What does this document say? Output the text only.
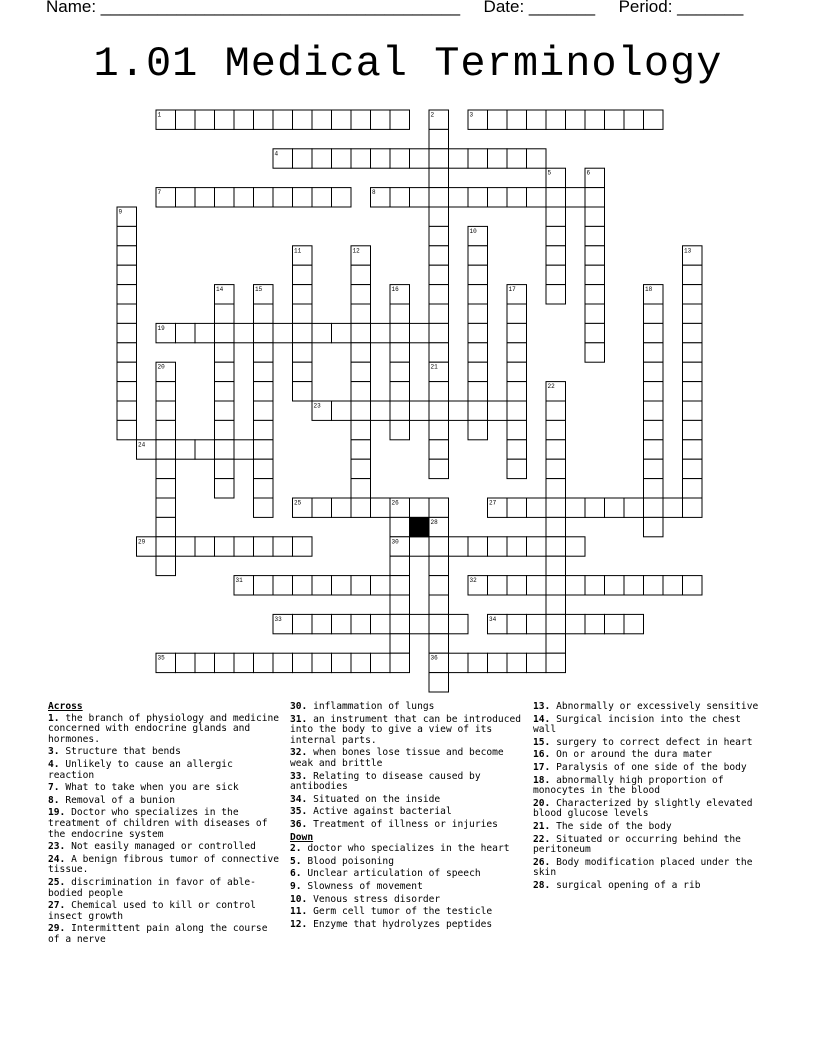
Name: ______________________________________ Date: _______ Period: _______
1.01 Medical Terminology
1	2	3
4
5	6
7	8
9
10
11	12	13
14	15	16	17	18
19
20	21
22
23
24
25	26	27
28
29	30
31	32
33	34
35	36
Across
1. the branch of physiology and medicine concerned with endocrine glands and hormones.
3. Structure that bends
4. Unlikely to cause an allergic reaction
7. What to take when you are sick
8. Removal of a bunion
19. Doctor who specializes in the treatment of children with diseases of the endocrine system
23. Not easily managed or controlled
24. A benign fibrous tumor of connective tissue.
25. discrimination in favor of able-bodied people
27. Chemical used to kill or control insect growth
29. Intermittent pain along the course of a nerve
30. inflammation of lungs
31. an instrument that can be introduced into the body to give a view of its internal parts.
32. when bones lose tissue and become weak and brittle
33. Relating to disease caused by antibodies
34. Situated on the inside
35. Active against bacterial
36. Treatment of illness or injuries
Down
2. doctor who specializes in the heart
5. Blood poisoning
6. Unclear articulation of speech
9. Slowness of movement
10. Venous stress disorder
11. Germ cell tumor of the testicle
12. Enzyme that hydrolyzes peptides
13. Abnormally or excessively sensitive
14. Surgical incision into the chest wall
15. surgery to correct defect in heart
16. On or around the dura mater
17. Paralysis of one side of the body
18. abnormally high proportion of monocytes in the blood
20. Characterized by slightly elevated blood glucose levels
21. The side of the body
22. Situated or occurring behind the peritoneum
26. Body modification placed under the skin
28. surgical opening of a rib
